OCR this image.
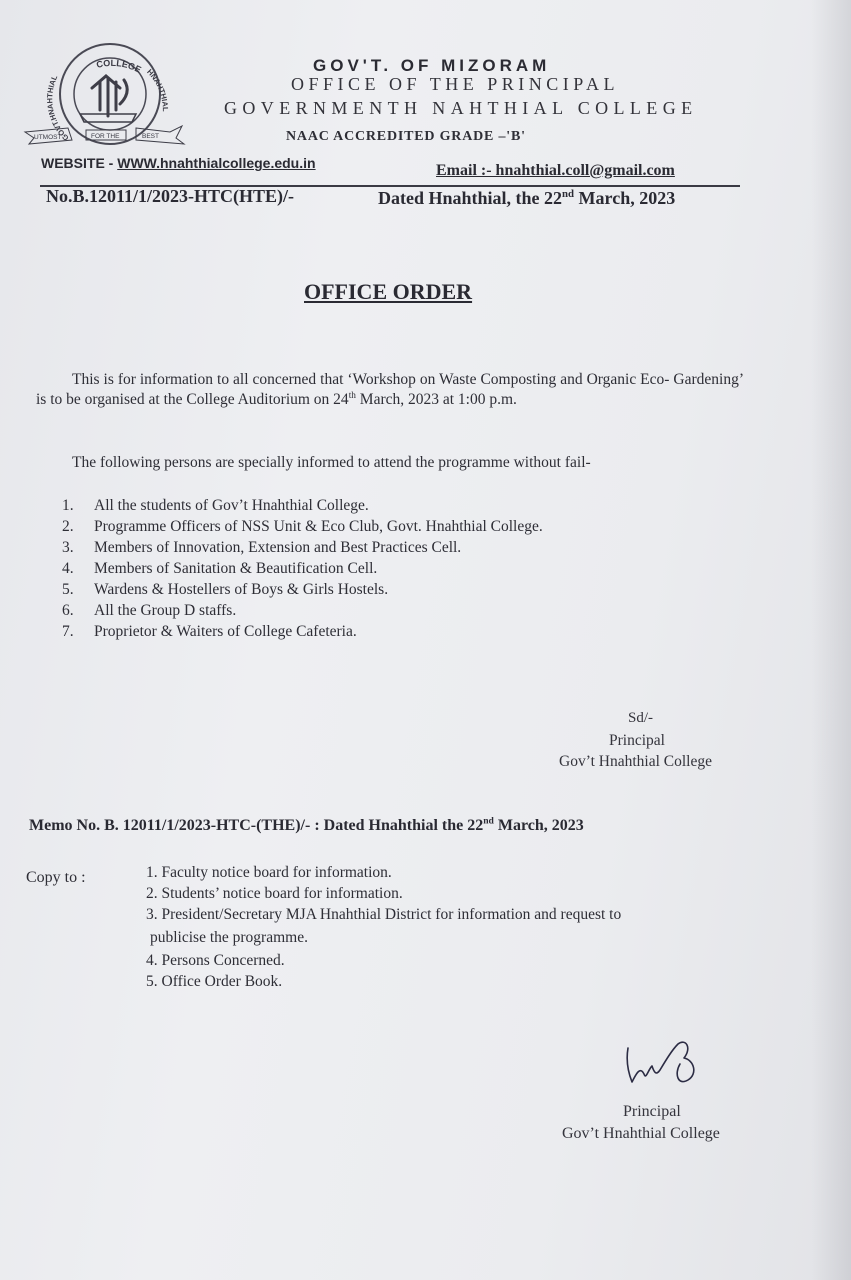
COLLEGE
GOVT.HNAHTHIAL
HNAHTHIAL
UTMOST	FOR THE	BEST
GOV'T. OF MIZORAM
OFFICE OF THE PRINCIPAL
GOVERNMENTH NAHTHIAL COLLEGE
NAAC ACCREDITED GRADE –'B'
WEBSITE - WWW.hnahthialcollege.edu.in	Email :- hnahthial.coll@gmail.com
No.B.12011/1/2023-HTC(HTE)/-	Dated Hnahthial, the 22nd March, 2023
OFFICE ORDER
This is for information to all concerned that ‘Workshop on Waste Composting and Organic Eco- Gardening’ is to be organised at the College Auditorium on 24th March, 2023 at 1:00 p.m.
The following persons are specially informed to attend the programme without fail-
1. All the students of Gov’t Hnahthial College.
2. Programme Officers of NSS Unit & Eco Club, Govt. Hnahthial College.
3. Members of Innovation, Extension and Best Practices Cell.
4. Members of Sanitation & Beautification Cell.
5. Wardens & Hostellers of Boys & Girls Hostels.
6. All the Group D staffs.
7. Proprietor & Waiters of College Cafeteria.
Sd/-
Principal
Gov’t Hnahthial College
Memo No. B. 12011/1/2023-HTC-(THE)/- : Dated Hnahthial the 22nd March, 2023
Copy to :	1. Faculty notice board for information.
2. Students’ notice board for information.
3. President/Secretary MJA Hnahthial District for information and request to
publicise the programme.
4. Persons Concerned.
5. Office Order Book.
Principal
Gov’t Hnahthial College
